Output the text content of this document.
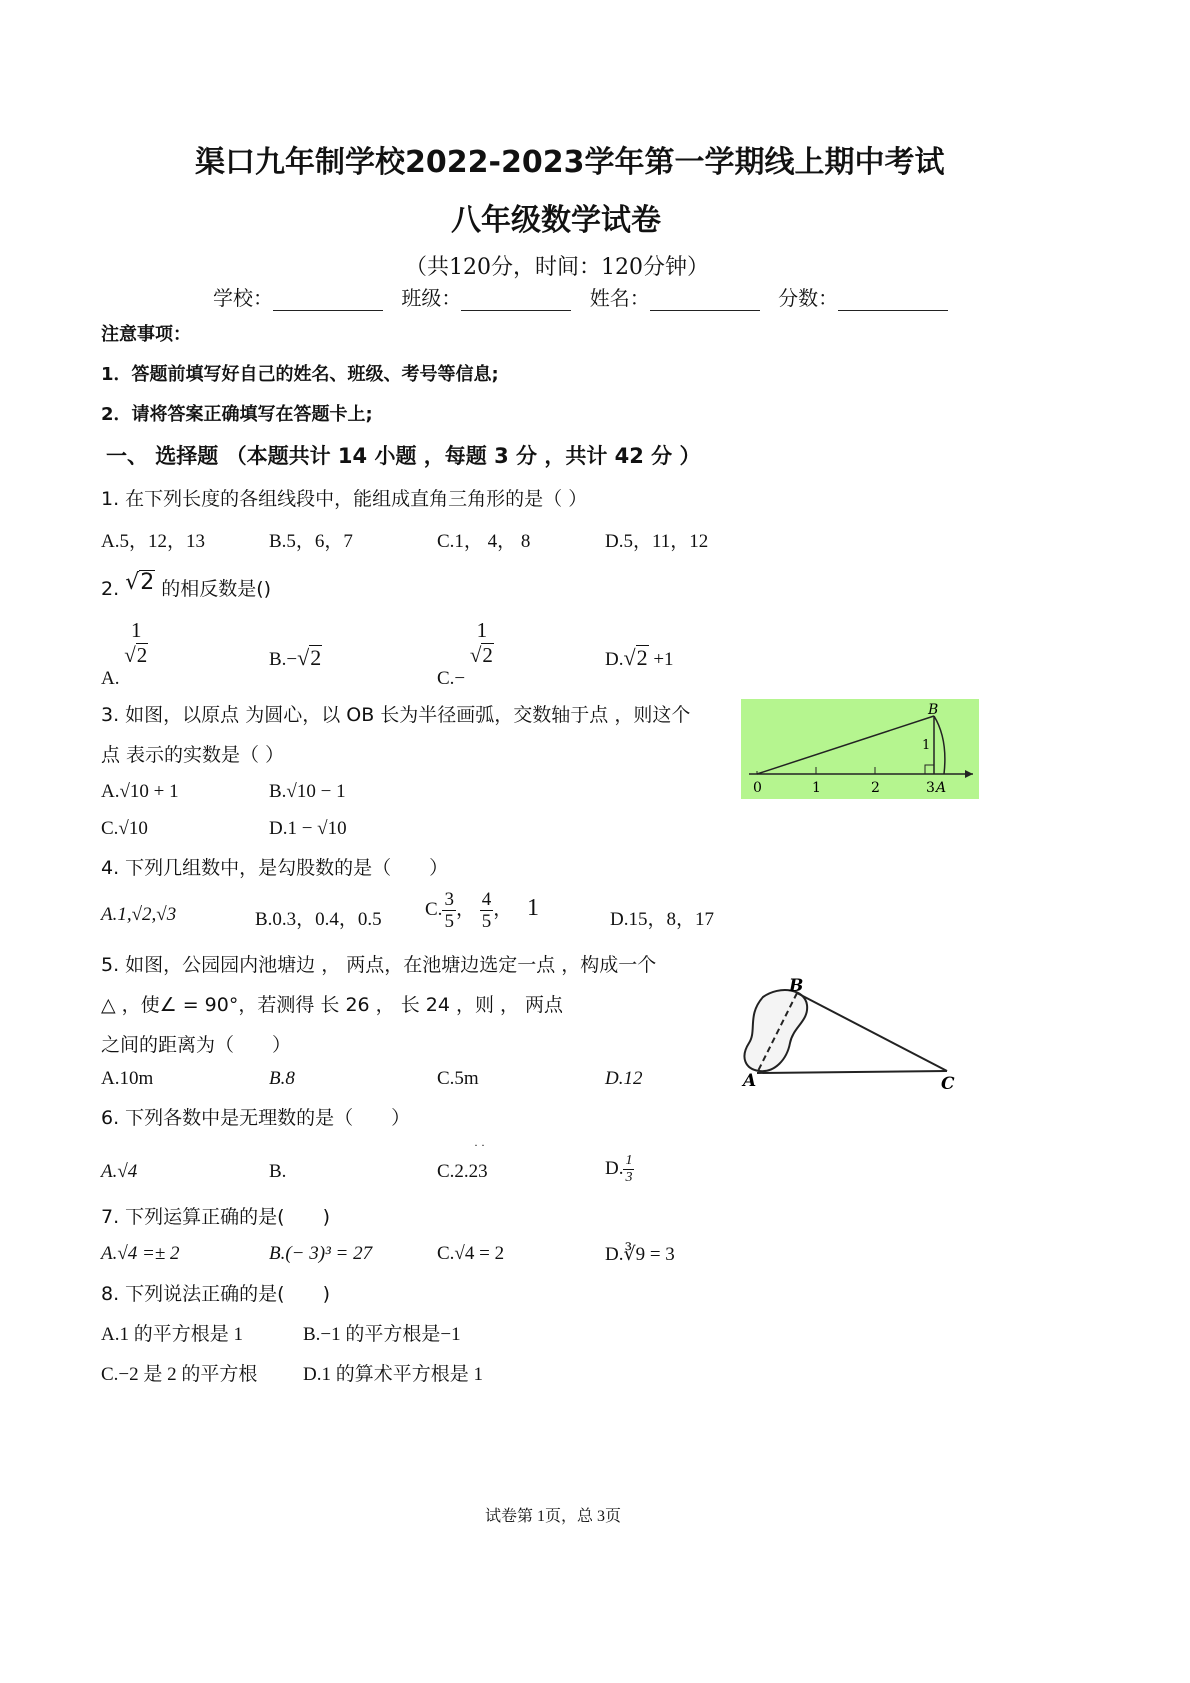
渠口九年制学校2022-2023学年第一学期线上期中考试
八年级数学试卷
（共120分，时间：120分钟）
学校：	班级：	姓名：	分数：
注意事项：
1．答题前填写好自己的姓名、班级、考号等信息;
2．请将答案正确填写在答题卡上;
一、 选择题 （本题共计 14 小题 ，每题 3 分 ，共计 42 分 ）
1. 在下列长度的各组线段中，能组成直角三角形的是（ ）
A.5，12，13	B.5，6，7	C.1， 4， 8	D.5，11，12
2. √2 的相反数是()
A.
1
√2	B.−√2
C.−
1
√2	D.√2 +1
3. 如图，以原点 为圆心，以 OB 长为半径画弧，交数轴于点 ，则这个
点 表示的实数是（ ）
A.√10 + 1	B.√10 − 1
C.√10	D.1 − √10
0	1	2	3 A
B
1
4. 下列几组数中，是勾股数的是（　　）
A.1,√2,√3	B.0.3，0.4，0.5 C. $\frac{3}{5}$ ， $\frac{4}{5}$ ， 1	D.15，8，17
5. 如图，公园园内池塘边 ， 两点，在池塘边选定一点 ，构成一个
△ ，使∠ = 90°，若测得 长 26 ， 长 24 ，则 ， 两点
之间的距离为（　　）
A.10m	B.8	C.5m	D.12
B
A	C
6. 下列各数中是无理数的是（　　）
· ·
A.√4	B.	C.2.23	D. $\frac{1}{3}$
7. 下列运算正确的是(　　)
A.√4 =± 2	B.(− 3)³ = 27	C.√4 = 2	D.∛9 = 3
8. 下列说法正确的是(　　)
A.1 的平方根是 1	B.−1 的平方根是−1
C.−2 是 2 的平方根 D.1 的算术平方根是 1
试卷第 1页，总 3页
